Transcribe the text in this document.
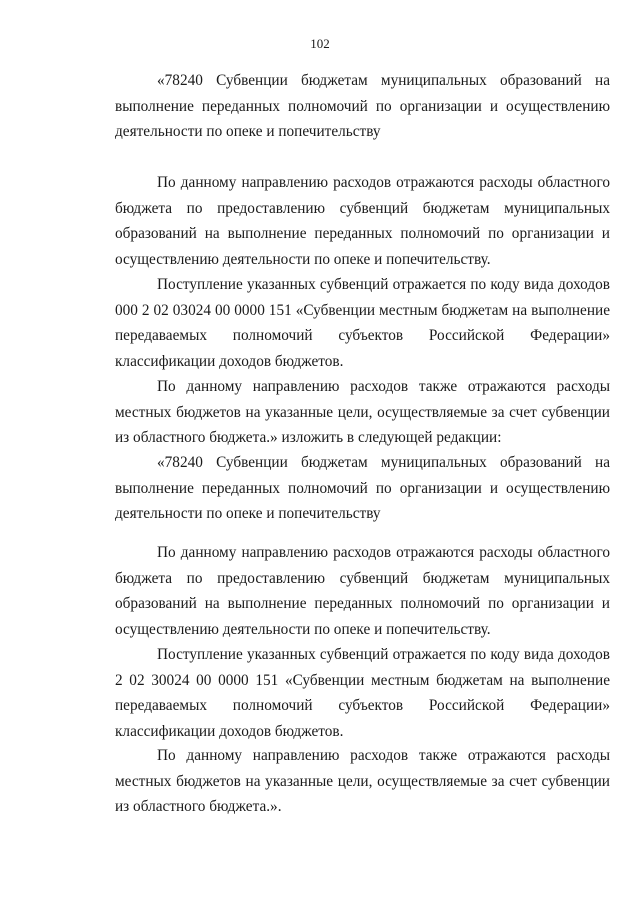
102

«78240 Субвенции бюджетам муниципальных образований на выполнение переданных полномочий по организации и осуществлению деятельности по опеке и попечительству

По данному направлению расходов отражаются расходы областного бюджета по предоставлению субвенций бюджетам муниципальных образований на выполнение переданных полномочий по организации и осуществлению деятельности по опеке и попечительству.

Поступление указанных субвенций отражается по коду вида доходов 000 2 02 03024 00 0000 151 «Субвенции местным бюджетам на выполнение передаваемых полномочий субъектов Российской Федерации» классификации доходов бюджетов.

По данному направлению расходов также отражаются расходы местных бюджетов на указанные цели, осуществляемые за счет субвенции из областного бюджета.» изложить в следующей редакции:

«78240 Субвенции бюджетам муниципальных образований на выполнение переданных полномочий по организации и осуществлению деятельности по опеке и попечительству

По данному направлению расходов отражаются расходы областного бюджета по предоставлению субвенций бюджетам муниципальных образований на выполнение переданных полномочий по организации и осуществлению деятельности по опеке и попечительству.

Поступление указанных субвенций отражается по коду вида доходов 2 02 30024 00 0000 151 «Субвенции местным бюджетам на выполнение передаваемых полномочий субъектов Российской Федерации» классификации доходов бюджетов.

По данному направлению расходов также отражаются расходы местных бюджетов на указанные цели, осуществляемые за счет субвенции из областного бюджета.».
